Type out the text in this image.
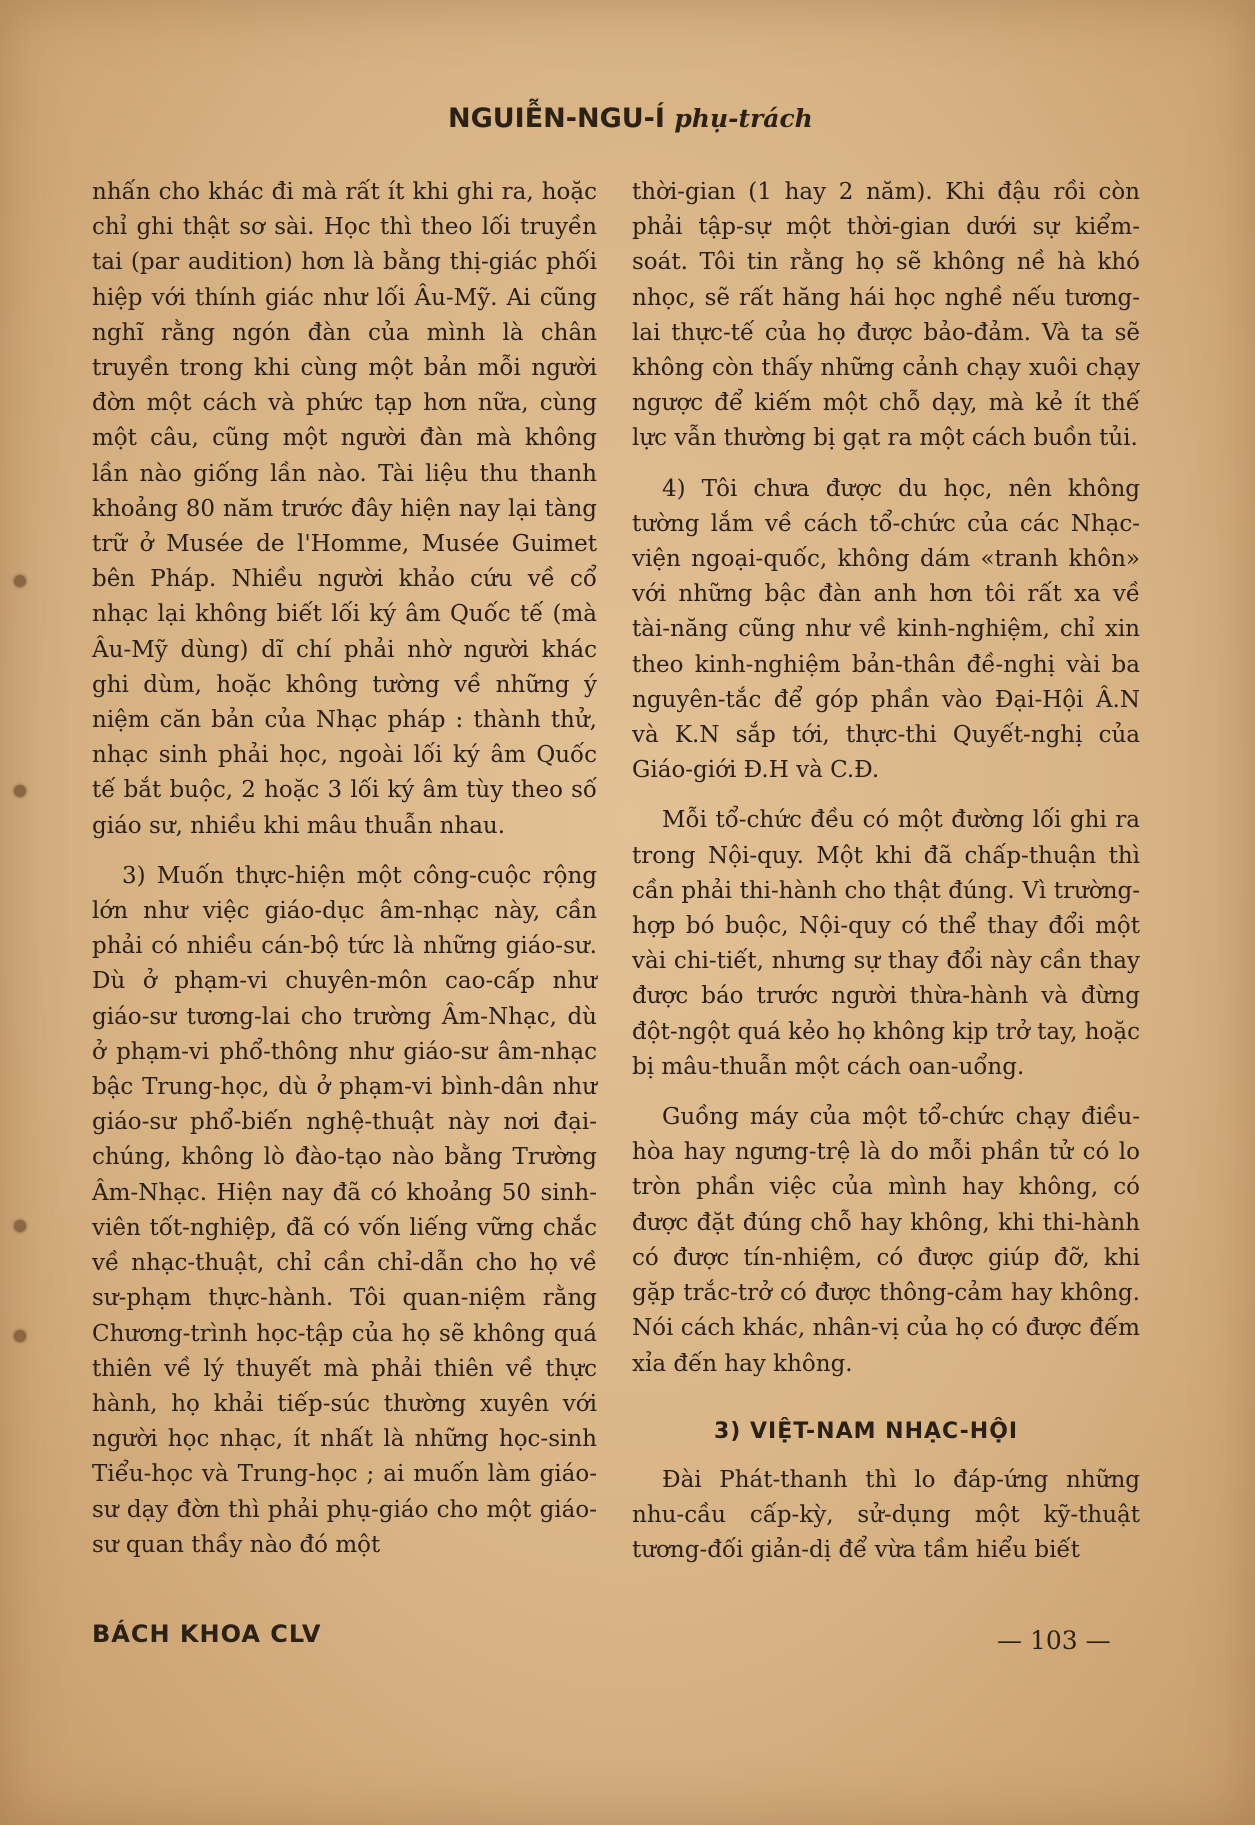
NGUIỄN-NGU-Í phụ-trách

nhấn cho khác đi mà rất ít khi ghi ra, hoặc chỉ ghi thật sơ sài. Học thì theo lối truyền tai (par audition) hơn là bằng thị-giác phối hiệp với thính giác như lối Âu-Mỹ. Ai cũng nghĩ rằng ngón đàn của mình là chân truyền trong khi cùng một bản mỗi người đờn một cách và phức tạp hơn nữa, cùng một câu, cũng một người đàn mà không lần nào giống lần nào. Tài liệu thu thanh khoảng 80 năm trước đây hiện nay lại tàng trữ ở Musée de l'Homme, Musée Guimet bên Pháp. Nhiều người khảo cứu về cổ nhạc lại không biết lối ký âm Quốc tế (mà Âu-Mỹ dùng) dĩ chí phải nhờ người khác ghi dùm, hoặc không tường về những ý niệm căn bản của Nhạc pháp : thành thử, nhạc sinh phải học, ngoài lối ký âm Quốc tế bắt buộc, 2 hoặc 3 lối ký âm tùy theo số giáo sư, nhiều khi mâu thuẫn nhau.

3) Muốn thực-hiện một công-cuộc rộng lớn như việc giáo-dục âm-nhạc này, cần phải có nhiều cán-bộ tức là những giáo-sư. Dù ở phạm-vi chuyên-môn cao-cấp như giáo-sư tương-lai cho trường Âm-Nhạc, dù ở phạm-vi phổ-thông như giáo-sư âm-nhạc bậc Trung-học, dù ở phạm-vi bình-dân như giáo-sư phổ-biến nghệ-thuật này nơi đại-chúng, không lò đào-tạo nào bằng Trường Âm-Nhạc. Hiện nay đã có khoảng 50 sinh-viên tốt-nghiệp, đã có vốn liếng vững chắc về nhạc-thuật, chỉ cần chỉ-dẫn cho họ về sư-phạm thực-hành. Tôi quan-niệm rằng Chương-trình học-tập của họ sẽ không quá thiên về lý thuyết mà phải thiên về thực hành, họ khải tiếp-súc thường xuyên với người học nhạc, ít nhất là những học-sinh Tiểu-học và Trung-học ; ai muốn làm giáo-sư dạy đờn thì phải phụ-giáo cho một giáo-sư quan thầy nào đó một

thời-gian (1 hay 2 năm). Khi đậu rồi còn phải tập-sự một thời-gian dưới sự kiểm-soát. Tôi tin rằng họ sẽ không nề hà khó nhọc, sẽ rất hăng hái học nghề nếu tương-lai thực-tế của họ được bảo-đảm. Và ta sẽ không còn thấy những cảnh chạy xuôi chạy ngược để kiếm một chỗ dạy, mà kẻ ít thế lực vẫn thường bị gạt ra một cách buồn tủi.

4) Tôi chưa được du học, nên không tường lắm về cách tổ-chức của các Nhạc-viện ngoại-quốc, không dám «tranh khôn» với những bậc đàn anh hơn tôi rất xa về tài-năng cũng như về kinh-nghiệm, chỉ xin theo kinh-nghiệm bản-thân đề-nghị vài ba nguyên-tắc để góp phần vào Đại-Hội Â.N và K.N sắp tới, thực-thi Quyết-nghị của Giáo-giới Đ.H và C.Đ.

Mỗi tổ-chức đều có một đường lối ghi ra trong Nội-quy. Một khi đã chấp-thuận thì cần phải thi-hành cho thật đúng. Vì trường-hợp bó buộc, Nội-quy có thể thay đổi một vài chi-tiết, nhưng sự thay đổi này cần thay được báo trước người thừa-hành và đừng đột-ngột quá kẻo họ không kịp trở tay, hoặc bị mâu-thuẫn một cách oan-uổng.

Guồng máy của một tổ-chức chạy điều-hòa hay ngưng-trệ là do mỗi phần tử có lo tròn phần việc của mình hay không, có được đặt đúng chỗ hay không, khi thi-hành có được tín-nhiệm, có được giúp đỡ, khi gặp trắc-trở có được thông-cảm hay không. Nói cách khác, nhân-vị của họ có được đếm xỉa đến hay không.

3) VIỆT-NAM NHẠC-HỘI

Đài Phát-thanh thì lo đáp-ứng những nhu-cầu cấp-kỳ, sử-dụng một kỹ-thuật tương-đối giản-dị để vừa tầm hiểu biết

BÁCH KHOA CLV	— 103 —
